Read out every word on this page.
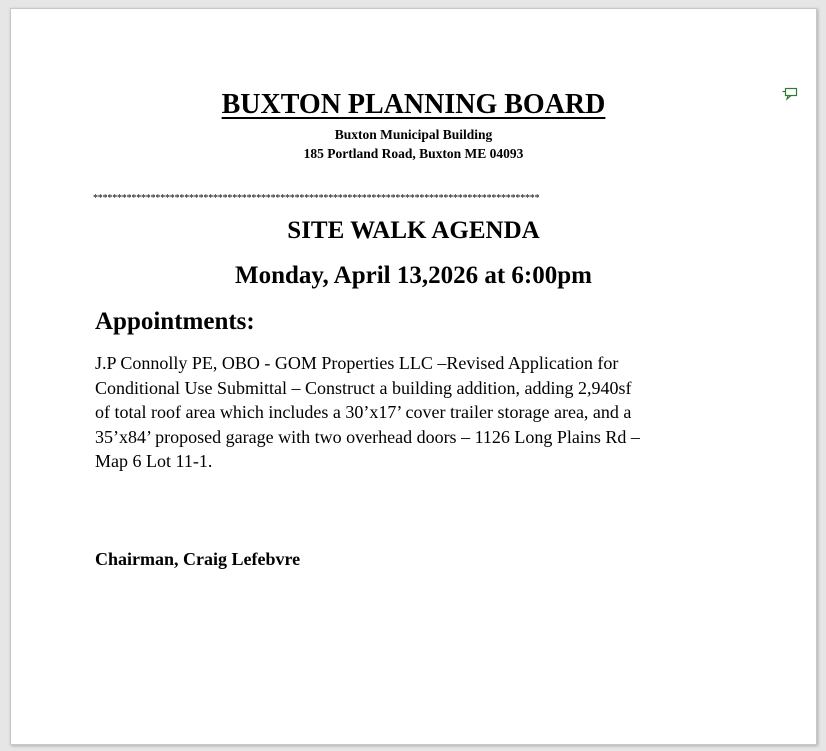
BUXTON PLANNING BOARD
Buxton Municipal Building
185 Portland Road, Buxton ME 04093
*********************************************************************************************
SITE WALK AGENDA
Monday, April 13,2026 at 6:00pm
Appointments:
J.P Connolly PE, OBO - GOM Properties LLC –Revised Application for
Conditional Use Submittal – Construct a building addition, adding 2,940sf
of total roof area which includes a 30’x17’ cover trailer storage area, and a
35’x84’ proposed garage with two overhead doors – 1126 Long Plains Rd –
Map 6 Lot 11-1.
Chairman, Craig Lefebvre
